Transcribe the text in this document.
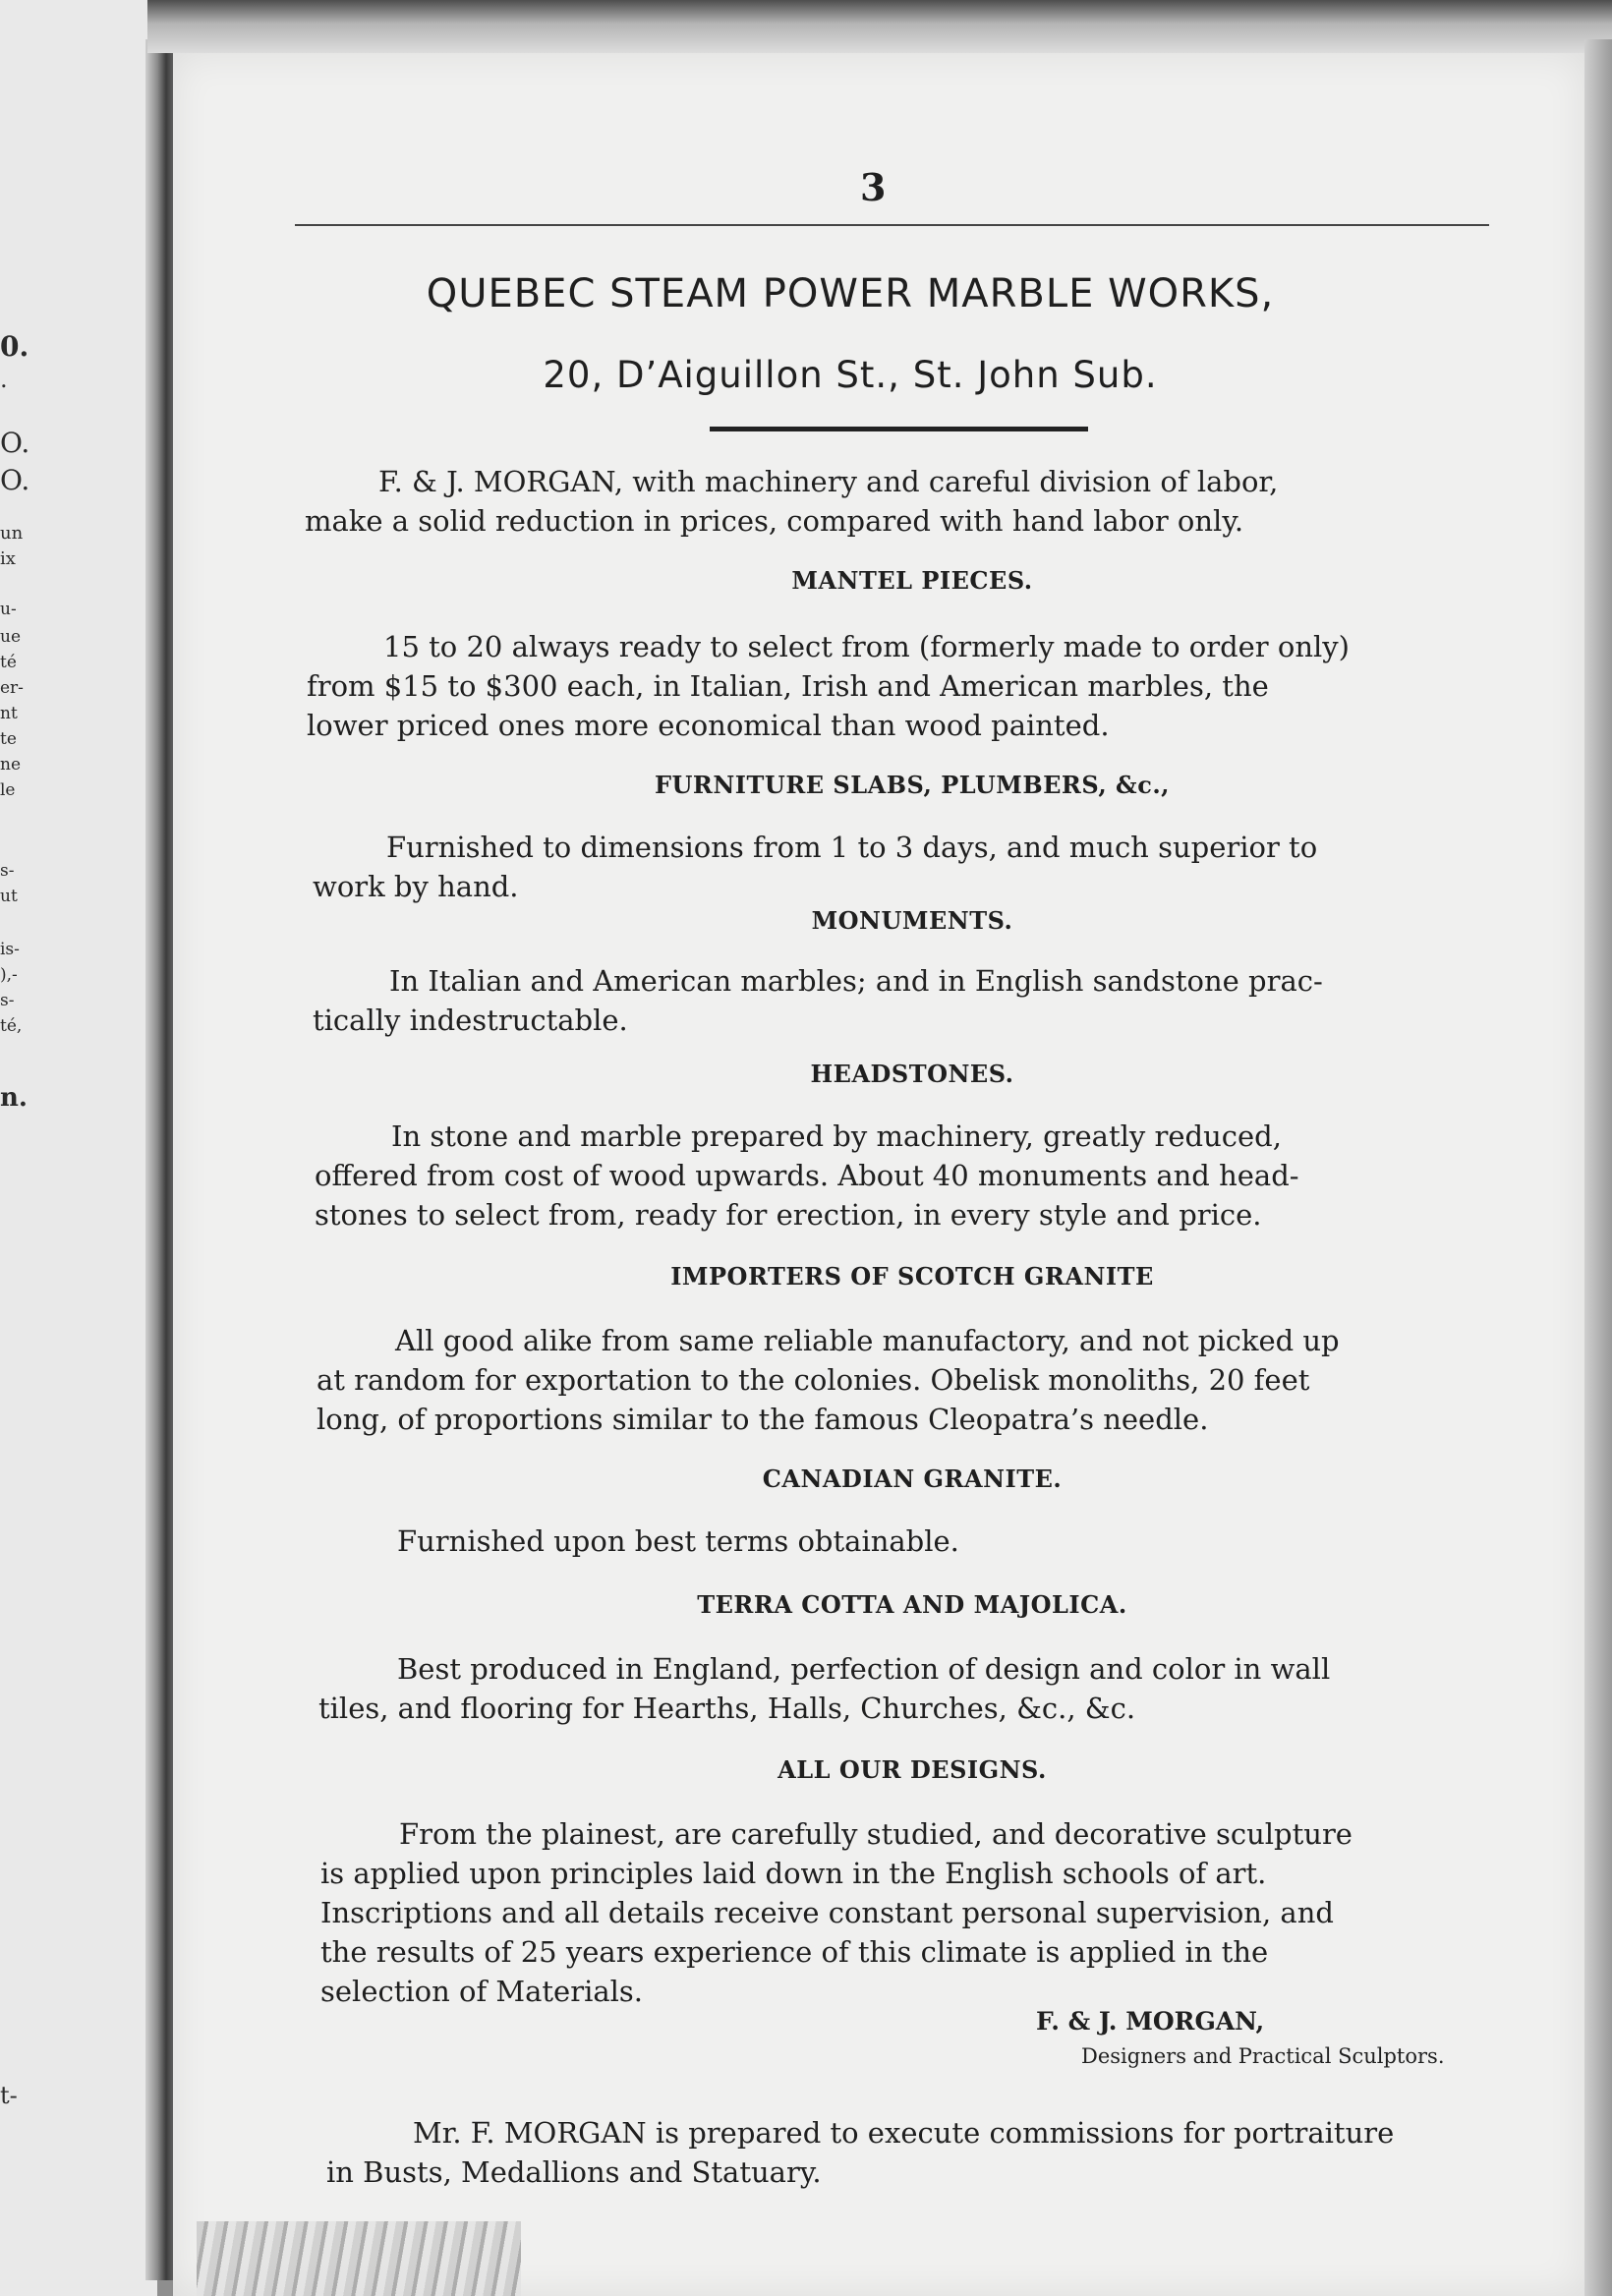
0.
.
O.
O.
un
ix
u-
ue
té
er-
nt
te
ne
le
s-
ut
is-
),-
s-
té,
n.
t-
3
QUEBEC STEAM POWER MARBLE WORKS,
20, D’Aiguillon St., St. John Sub.
F. & J. MORGAN, with machinery and careful division of labor,
make a solid reduction in prices, compared with hand labor only.
MANTEL PIECES.
15 to 20 always ready to select from (formerly made to order only)
from $15 to $300 each, in Italian, Irish and American marbles, the
lower priced ones more economical than wood painted.
FURNITURE SLABS, PLUMBERS, &c.,
Furnished to dimensions from 1 to 3 days, and much superior to
work by hand.
MONUMENTS.
In Italian and American marbles; and in English sandstone prac-
tically indestructable.
HEADSTONES.
In stone and marble prepared by machinery, greatly reduced,
offered from cost of wood upwards. About 40 monuments and head-
stones to select from, ready for erection, in every style and price.
IMPORTERS OF SCOTCH GRANITE
All good alike from same reliable manufactory, and not picked up
at random for exportation to the colonies. Obelisk monoliths, 20 feet
long, of proportions similar to the famous Cleopatra’s needle.
CANADIAN GRANITE.
Furnished upon best terms obtainable.
TERRA COTTA AND MAJOLICA.
Best produced in England, perfection of design and color in wall
tiles, and flooring for Hearths, Halls, Churches, &c., &c.
ALL OUR DESIGNS.
From the plainest, are carefully studied, and decorative sculpture
is applied upon principles laid down in the English schools of art.
Inscriptions and all details receive constant personal supervision, and
the results of 25 years experience of this climate is applied in the
selection of Materials.
F. & J. MORGAN,
Designers and Practical Sculptors.
Mr. F. MORGAN is prepared to execute commissions for portraiture
in Busts, Medallions and Statuary.
